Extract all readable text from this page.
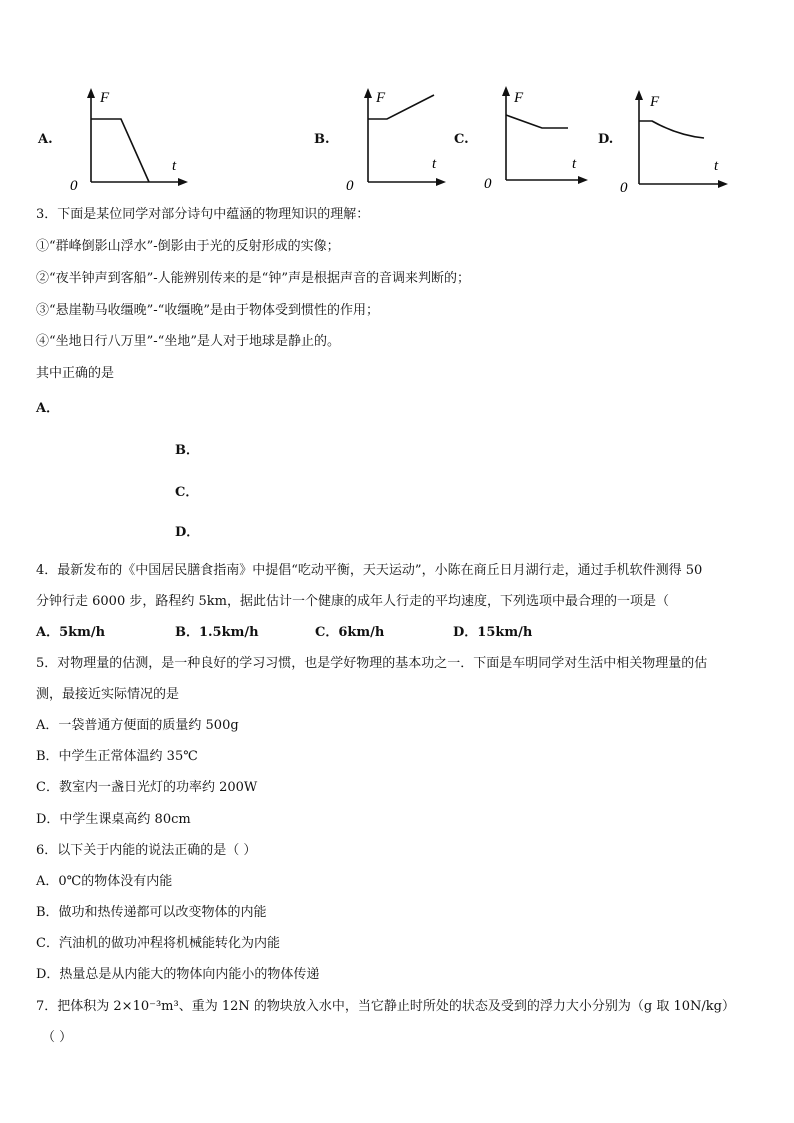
A.
F
t
0
B.
F
t
0
C.
F
t
0
D.
F
t
0
3．下面是某位同学对部分诗句中蕴涵的物理知识的理解：
①“群峰倒影山浮水”-倒影由于光的反射形成的实像；
②“夜半钟声到客船”-人能辨别传来的是“钟”声是根据声音的音调来判断的；
③“悬崖勒马收缰晚”-“收缰晚”是由于物体受到惯性的作用；
④“坐地日行八万里”-“坐地”是人对于地球是静止的。
其中正确的是
A．
B．
C．
D．
4．最新发布的《中国居民膳食指南》中提倡“吃动平衡，天天运动”，小陈在商丘日月湖行走，通过手机软件测得 50
分钟行走 6000 步，路程约 5km，据此估计一个健康的成年人行走的平均速度，下列选项中最合理的一项是（
A．5km/h	B．1.5km/h	C．6km/h	D．15km/h
5．对物理量的估测，是一种良好的学习习惯，也是学好物理的基本功之一．下面是车明同学对生活中相关物理量的估
测，最接近实际情况的是
A．一袋普通方便面的质量约 500g
B．中学生正常体温约 35℃
C．教室内一盏日光灯的功率约 200W
D．中学生课桌高约 80cm
6．以下关于内能的说法正确的是（ ）
A．0℃的物体没有内能
B．做功和热传递都可以改变物体的内能
C．汽油机的做功冲程将机械能转化为内能
D．热量总是从内能大的物体向内能小的物体传递
7．把体积为 2×10⁻³m³、重为 12N 的物块放入水中，当它静止时所处的状态及受到的浮力大小分别为（g 取 10N/kg）
（ ）
